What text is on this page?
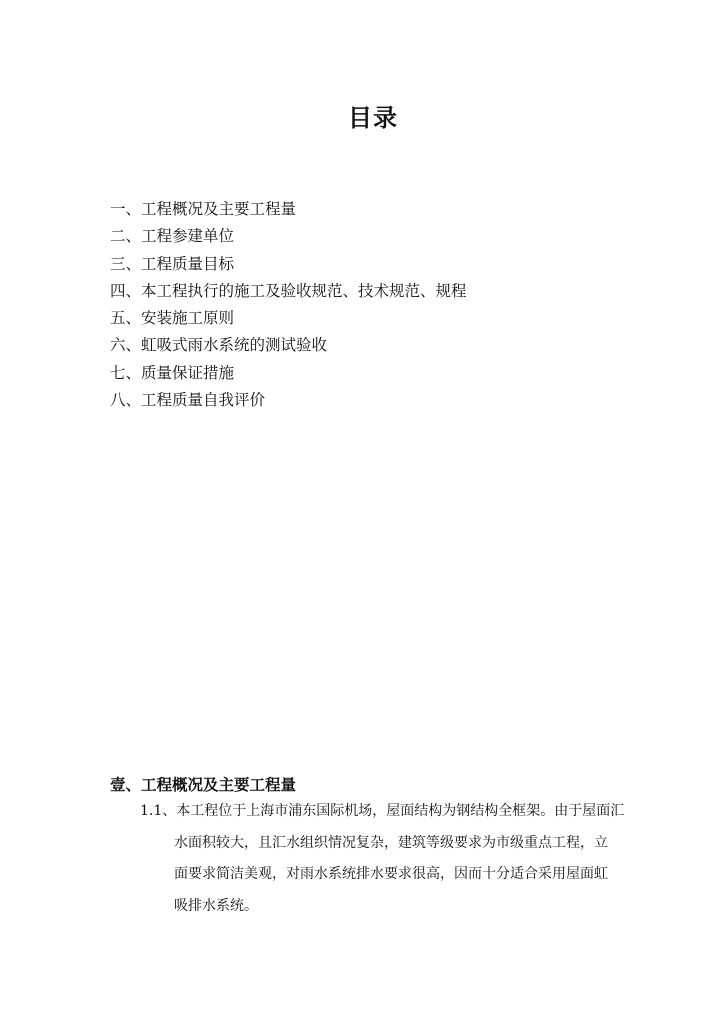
目录
一、工程概况及主要工程量
二、工程参建单位
三、工程质量目标
四、本工程执行的施工及验收规范、技术规范、规程
五、安装施工原则
六、虹吸式雨水系统的测试验收
七、质量保证措施
八、工程质量自我评价
壹、工程概况及主要工程量
1.1、本工程位于上海市浦东国际机场，屋面结构为钢结构全框架。由于屋面汇
水面积较大，且汇水组织情况复杂，建筑等级要求为市级重点工程，立
面要求简洁美观，对雨水系统排水要求很高，因而十分适合采用屋面虹
吸排水系统。
